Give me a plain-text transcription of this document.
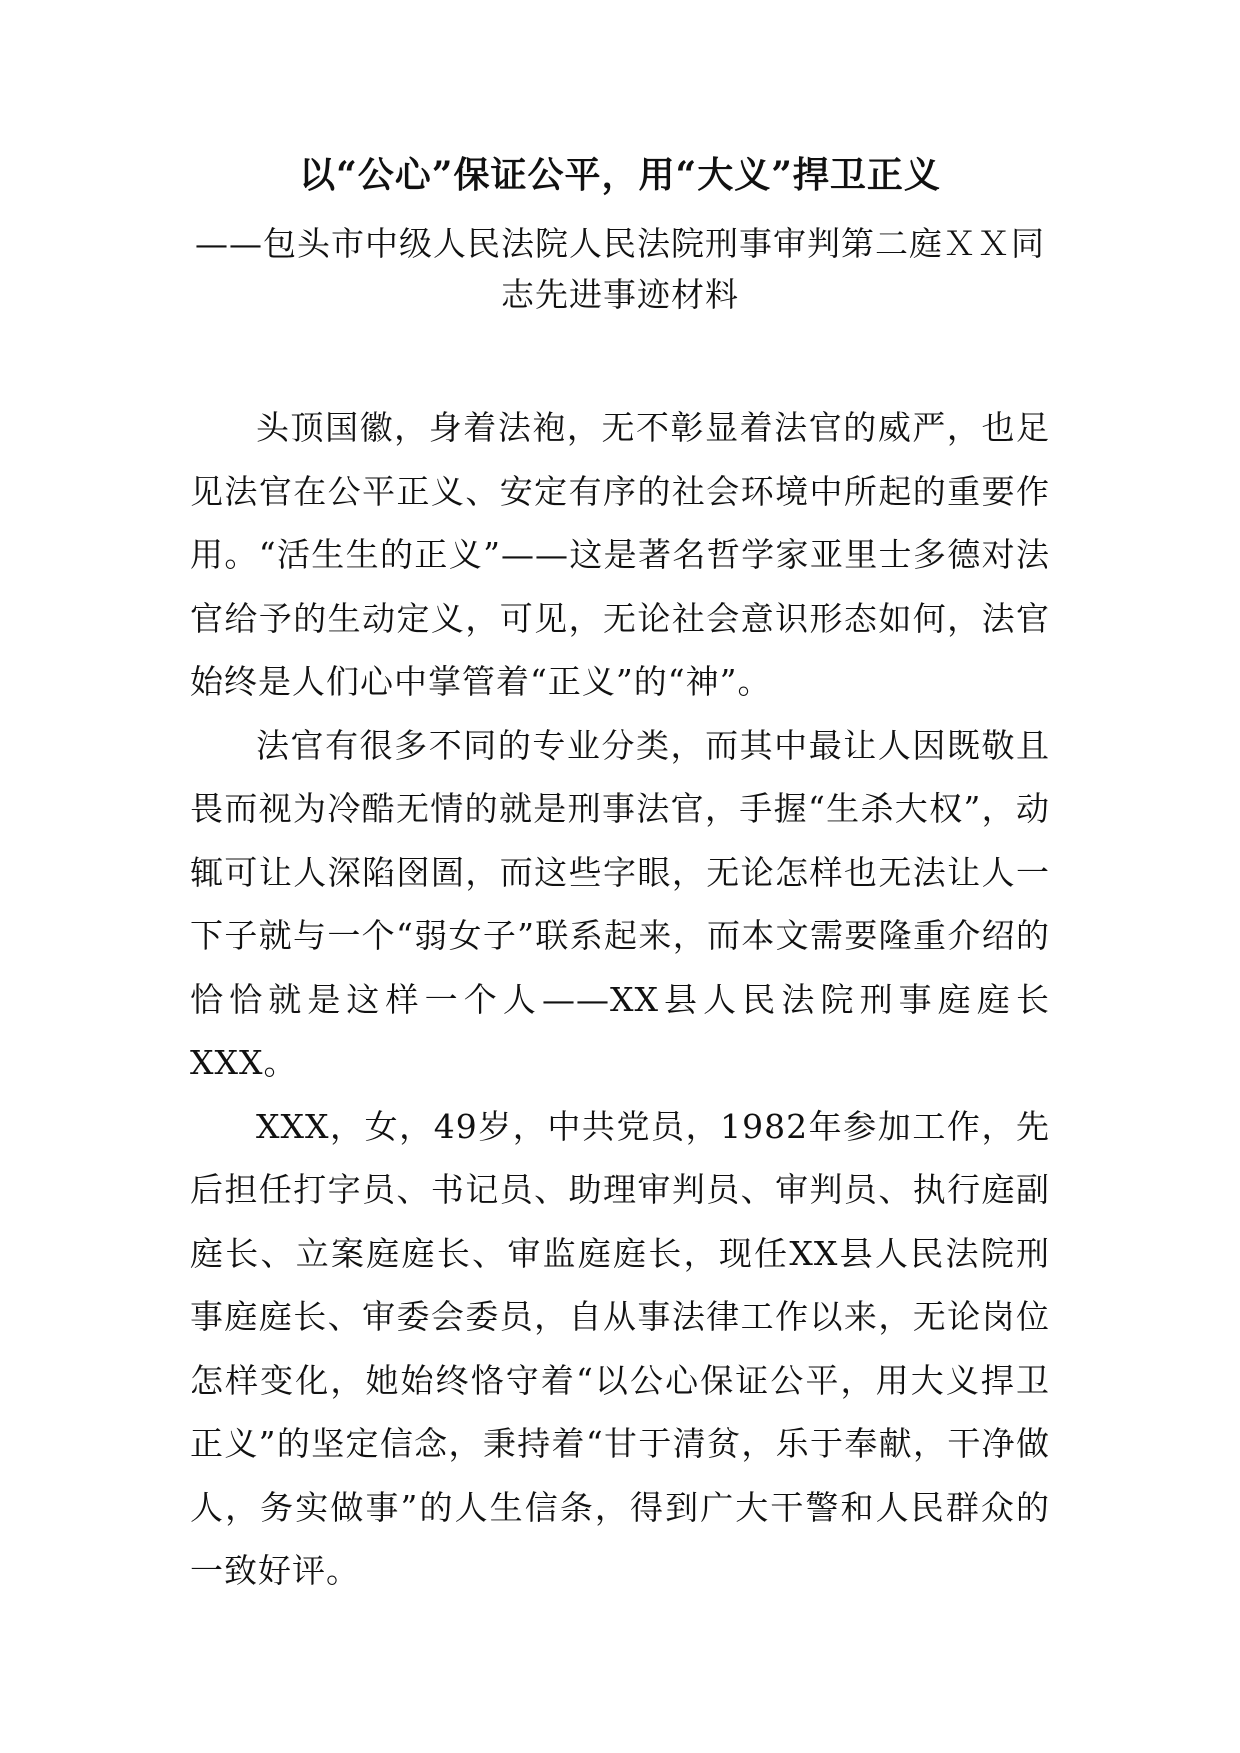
以“公心”保证公平，用“大义”捍卫正义
——包头市中级人民法院人民法院刑事审判第二庭ＸＸ同志先进事迹材料

头顶国徽，身着法袍，无不彰显着法官的威严，也足见法官在公平正义、安定有序的社会环境中所起的重要作用。“活生生的正义”——这是著名哲学家亚里士多德对法官给予的生动定义，可见，无论社会意识形态如何，法官始终是人们心中掌管着“正义”的“神”。

法官有很多不同的专业分类，而其中最让人因既敬且畏而视为冷酷无情的就是刑事法官，手握“生杀大权”，动辄可让人深陷囹圄，而这些字眼，无论怎样也无法让人一下子就与一个“弱女子”联系起来，而本文需要隆重介绍的恰恰就是这样一个人——XX县人民法院刑事庭庭长XXX。

XXX，女，49岁，中共党员，1982年参加工作，先后担任打字员、书记员、助理审判员、审判员、执行庭副庭长、立案庭庭长、审监庭庭长，现任XX县人民法院刑事庭庭长、审委会委员，自从事法律工作以来，无论岗位怎样变化，她始终恪守着“以公心保证公平，用大义捍卫正义”的坚定信念，秉持着“甘于清贫，乐于奉献，干净做人，务实做事”的人生信条，得到广大干警和人民群众的一致好评。
